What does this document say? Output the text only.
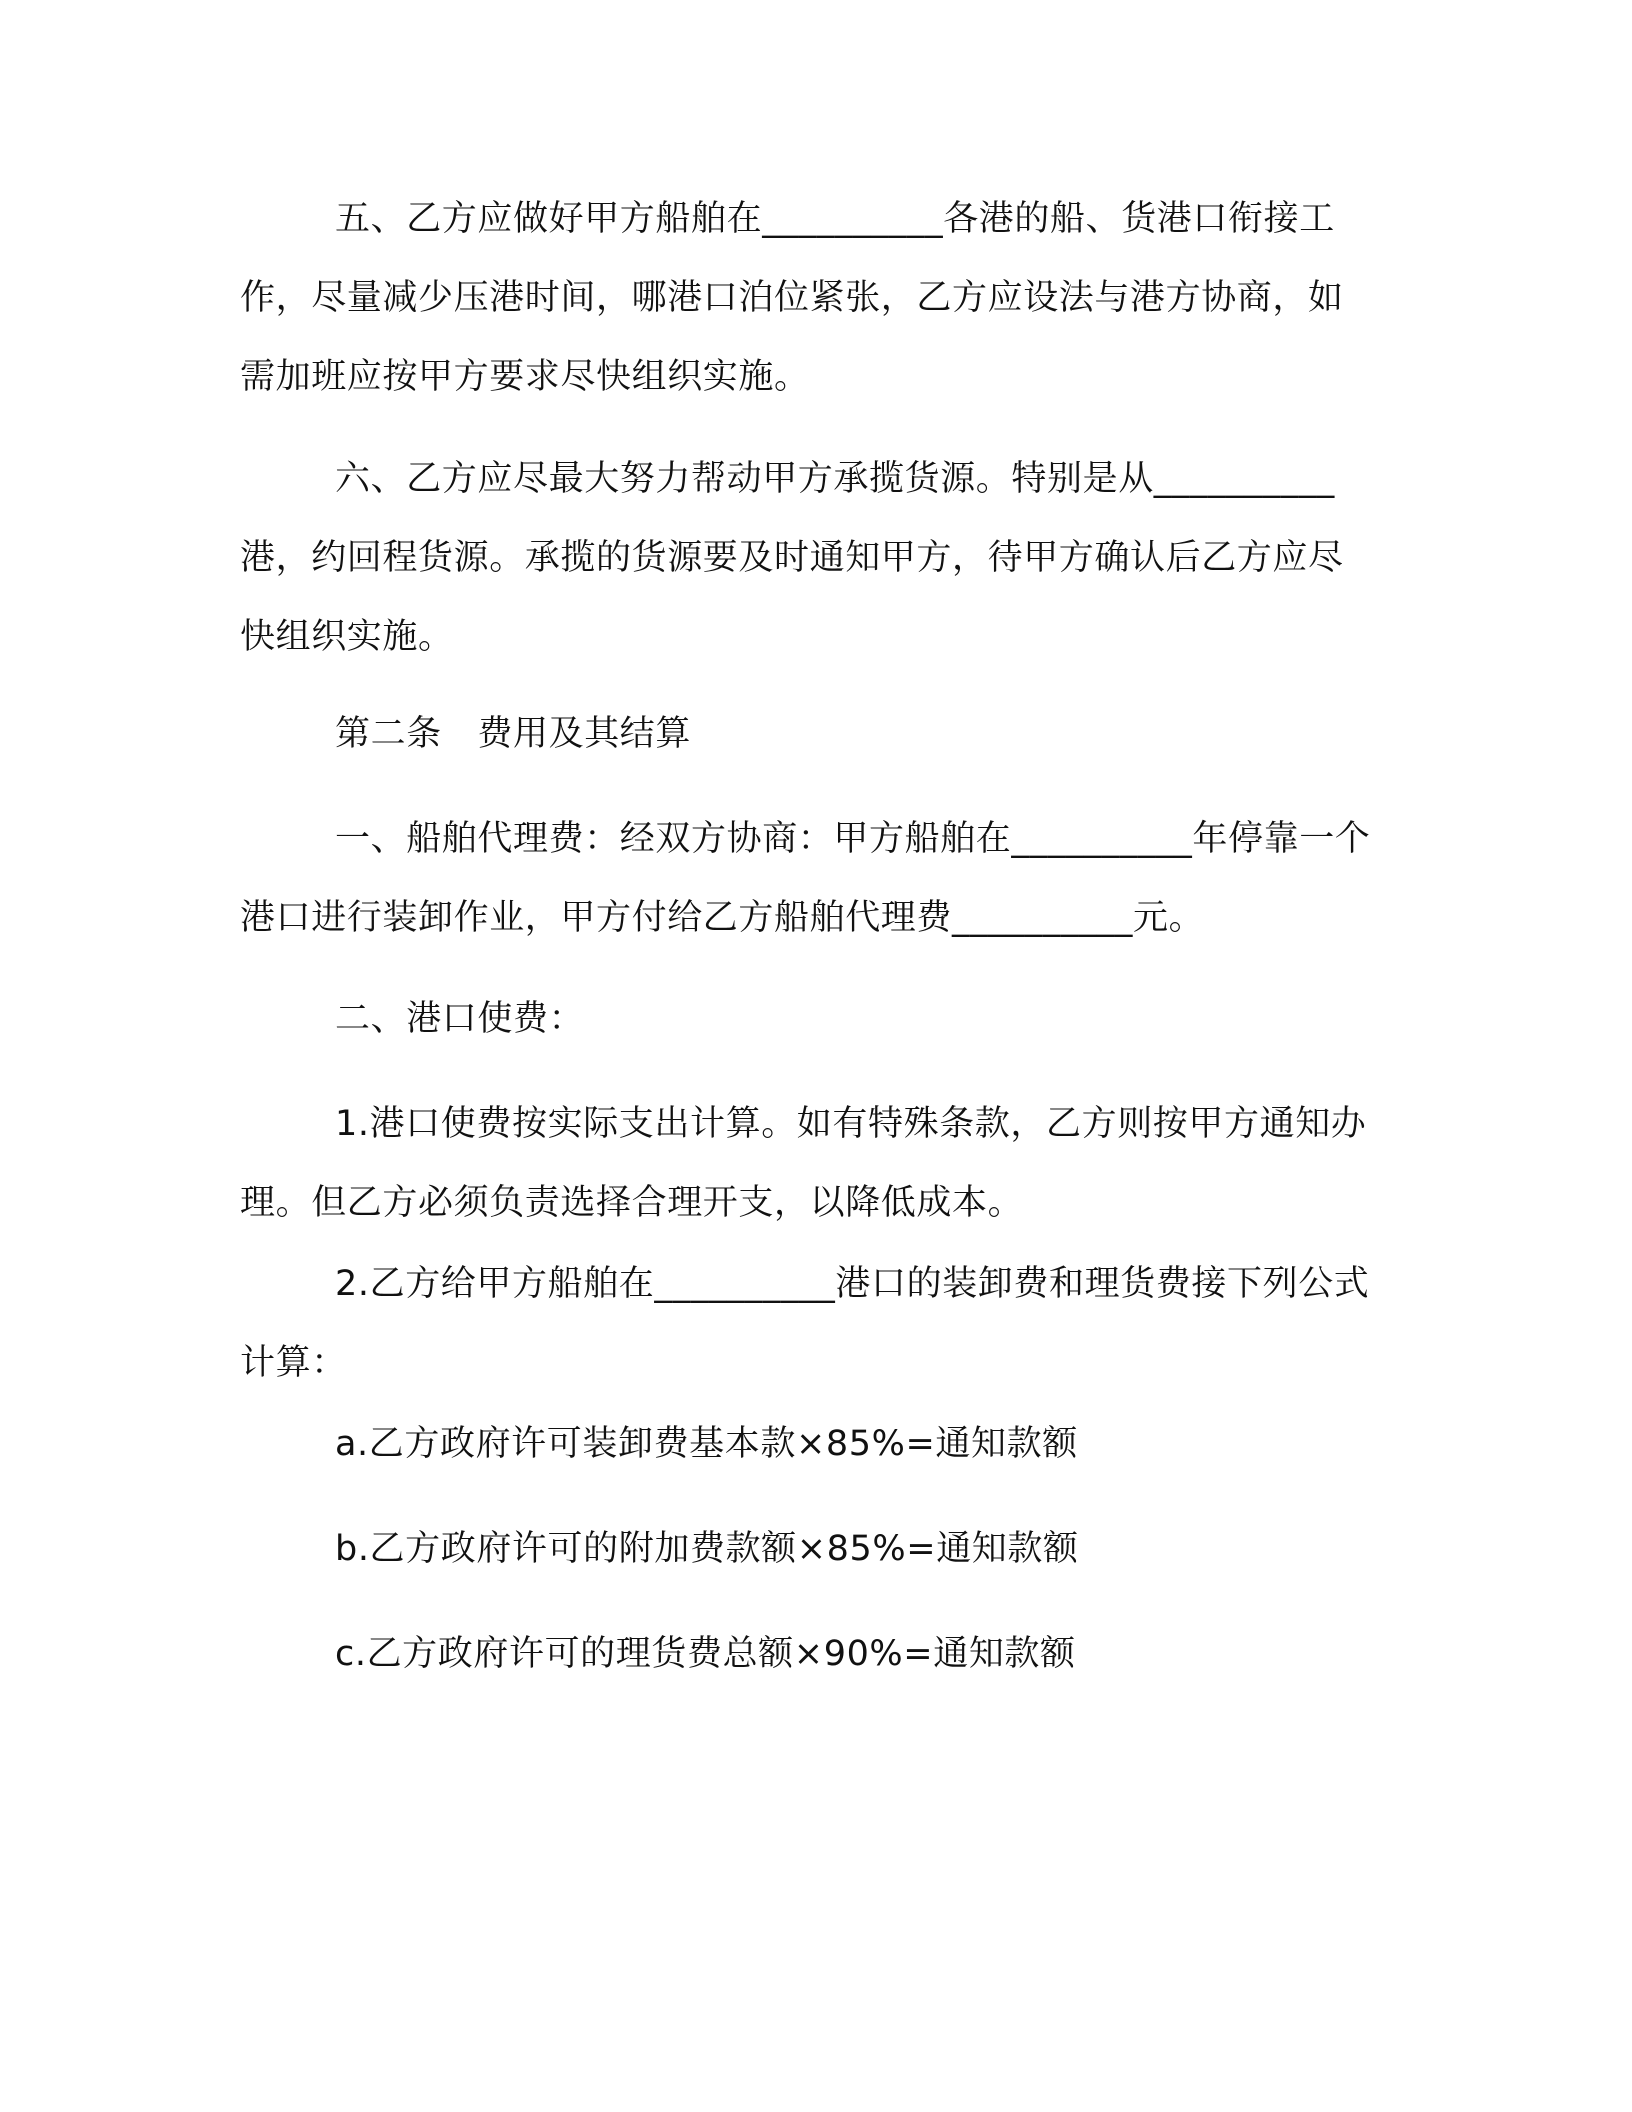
五、乙方应做好甲方船舶在__________各港的船、货港口衔接工作，尽量减少压港时间，哪港口泊位紧张，乙方应设法与港方协商，如需加班应按甲方要求尽快组织实施。

六、乙方应尽最大努力帮动甲方承揽货源。特别是从__________港，约回程货源。承揽的货源要及时通知甲方，待甲方确认后乙方应尽快组织实施。

第二条　费用及其结算

一、船舶代理费：经双方协商：甲方船舶在__________年停靠一个港口进行装卸作业，甲方付给乙方船舶代理费__________元。

二、港口使费：

1.港口使费按实际支出计算。如有特殊条款，乙方则按甲方通知办理。但乙方必须负责选择合理开支，以降低成本。

2.乙方给甲方船舶在__________港口的装卸费和理货费接下列公式计算：

a.乙方政府许可装卸费基本款×85%=通知款额

b.乙方政府许可的附加费款额×85%=通知款额

c.乙方政府许可的理货费总额×90%=通知款额
